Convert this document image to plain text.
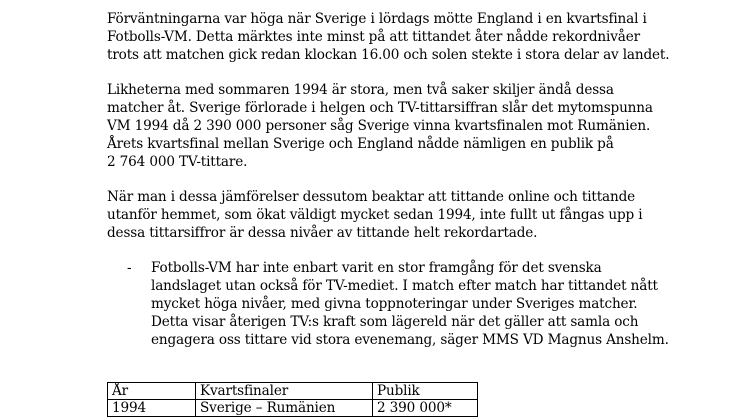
Förväntningarna var höga när Sverige i lördags mötte England i en kvartsfinal i
Fotbolls-VM. Detta märktes inte minst på att tittandet åter nådde rekordnivåer
trots att matchen gick redan klockan 16.00 och solen stekte i stora delar av landet.

Likheterna med sommaren 1994 är stora, men två saker skiljer ändå dessa
matcher åt. Sverige förlorade i helgen och TV-tittarsiffran slår det mytomspunna
VM 1994 då 2 390 000 personer såg Sverige vinna kvartsfinalen mot Rumänien.
Årets kvartsfinal mellan Sverige och England nådde nämligen en publik på
2 764 000 TV-tittare.

När man i dessa jämförelser dessutom beaktar att tittande online och tittande
utanför hemmet, som ökat väldigt mycket sedan 1994, inte fullt ut fångas upp i
dessa tittarsiffror är dessa nivåer av tittande helt rekordartade.

- Fotbolls-VM har inte enbart varit en stor framgång för det svenska
landslaget utan också för TV-mediet. I match efter match har tittandet nått
mycket höga nivåer, med givna toppnoteringar under Sveriges matcher.
Detta visar återigen TV:s kraft som lägereld när det gäller att samla och
engagera oss tittare vid stora evenemang, säger MMS VD Magnus Anshelm.
År	Kvartsfinaler	Publik
1994	Sverige – Rumänien	2 390 000*
